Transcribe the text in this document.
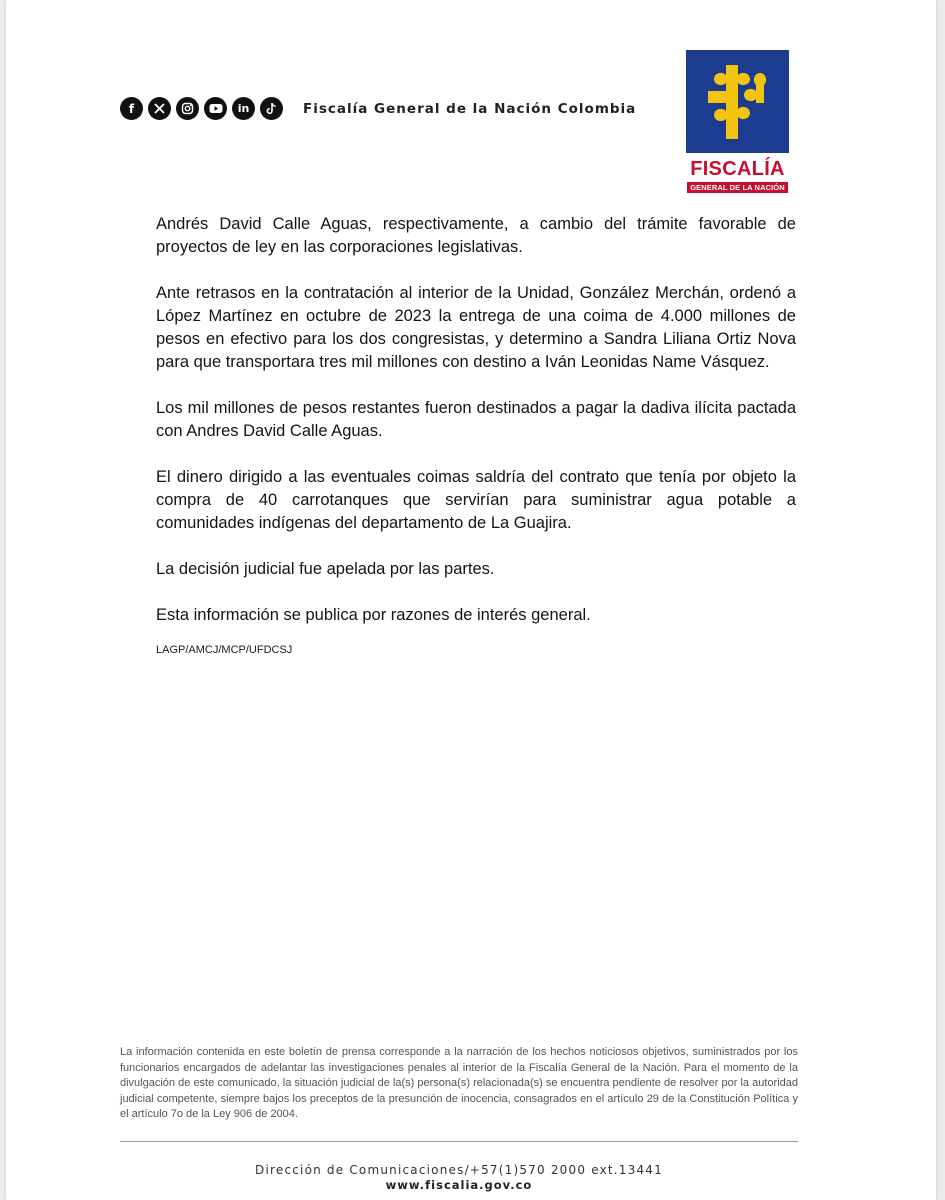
f	in	Fiscalía General de la Nación Colombia
FISCALÍA
GENERAL DE LA NACIÓN

Andrés David Calle Aguas, respectivamente, a cambio del trámite favorable de proyectos de ley en las corporaciones legislativas.

Ante retrasos en la contratación al interior de la Unidad, González Merchán, ordenó a López Martínez en octubre de 2023 la entrega de una coima de 4.000 millones de pesos en efectivo para los dos congresistas, y determino a Sandra Liliana Ortiz Nova para que transportara tres mil millones con destino a Iván Leonidas Name Vásquez.

Los mil millones de pesos restantes fueron destinados a pagar la dadiva ilícita pactada con Andres David Calle Aguas.

El dinero dirigido a las eventuales coimas saldría del contrato que tenía por objeto la compra de 40 carrotanques que servirían para suministrar agua potable a comunidades indígenas del departamento de La Guajira.

La decisión judicial fue apelada por las partes.

Esta información se publica por razones de interés general.

LAGP/AMCJ/MCP/UFDCSJ

La información contenida en este boletín de prensa corresponde a la narración de los hechos noticiosos objetivos, suministrados por los funcionarios encargados de adelantar las investigaciones penales al interior de la Fiscalía General de la Nación. Para el momento de la divulgación de este comunicado, la situación judicial de la(s) persona(s) relacionada(s) se encuentra pendiente de resolver por la autoridad judicial competente, siempre bajos los preceptos de la presunción de inocencia, consagrados en el artículo 29 de la Constitución Política y el artículo 7o de la Ley 906 de 2004.

Dirección de Comunicaciones/+57(1)570 2000 ext.13441

www.fiscalia.gov.co
